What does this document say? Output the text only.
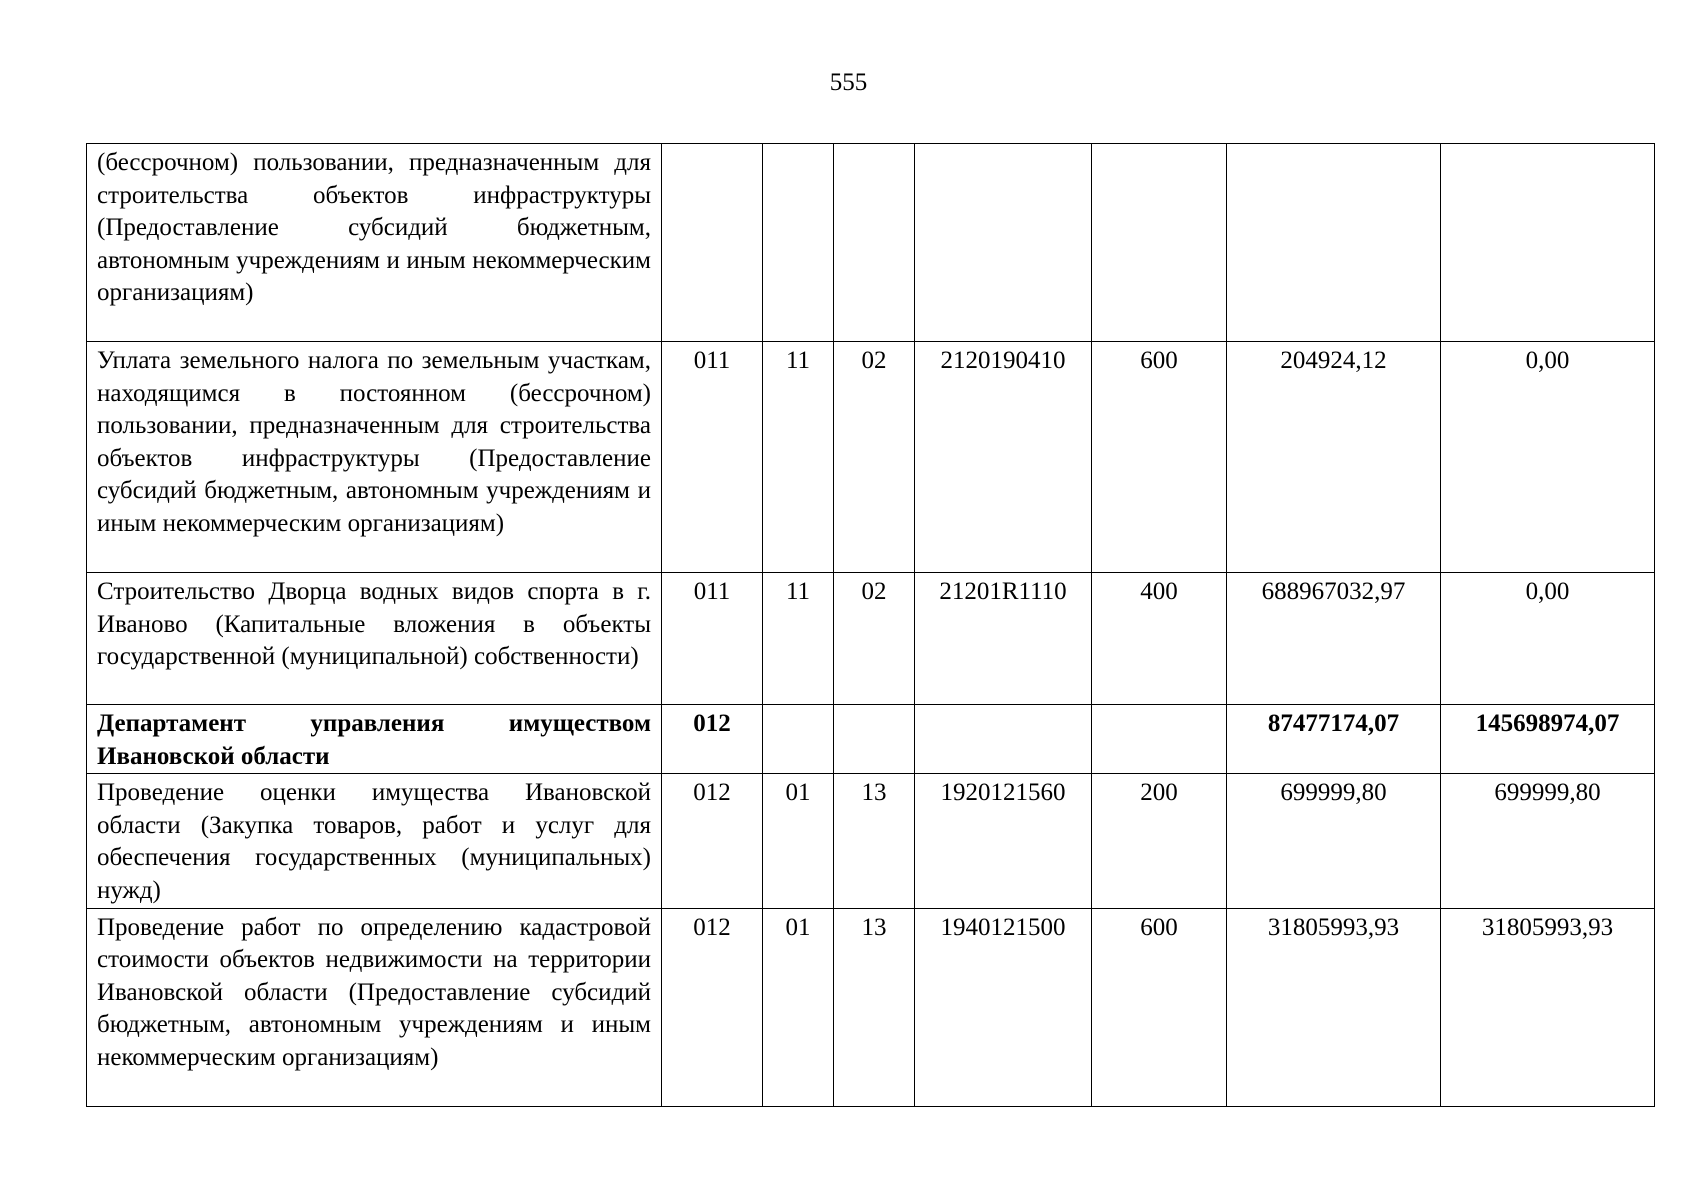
555
(бессрочном) пользовании, предназначенным для строительства объектов инфраструктуры (Предоставление субсидий бюджетным, автономным учреждениям и иным некоммерческим организациям)							
Уплата земельного налога по земельным участкам, находящимся в постоянном (бессрочном) пользовании, предназначенным для строительства объектов инфраструктуры (Предоставление субсидий бюджетным, автономным учреждениям и иным некоммерческим организациям)	011	11	02	2120190410	600	204924,12	0,00
Строительство Дворца водных видов спорта в г. Иваново (Капитальные вложения в объекты государственной (муниципальной) собственности)	011	11	02	21201R1110	400	688967032,97	0,00
Департамент управления имуществом Ивановской области	012					87477174,07	145698974,07
Проведение оценки имущества Ивановской области (Закупка товаров, работ и услуг для обеспечения государственных (муниципальных) нужд)	012	01	13	1920121560	200	699999,80	699999,80
Проведение работ по определению кадастровой стоимости объектов недвижимости на территории Ивановской области (Предоставление субсидий бюджетным, автономным учреждениям и иным некоммерческим организациям)	012	01	13	1940121500	600	31805993,93	31805993,93
